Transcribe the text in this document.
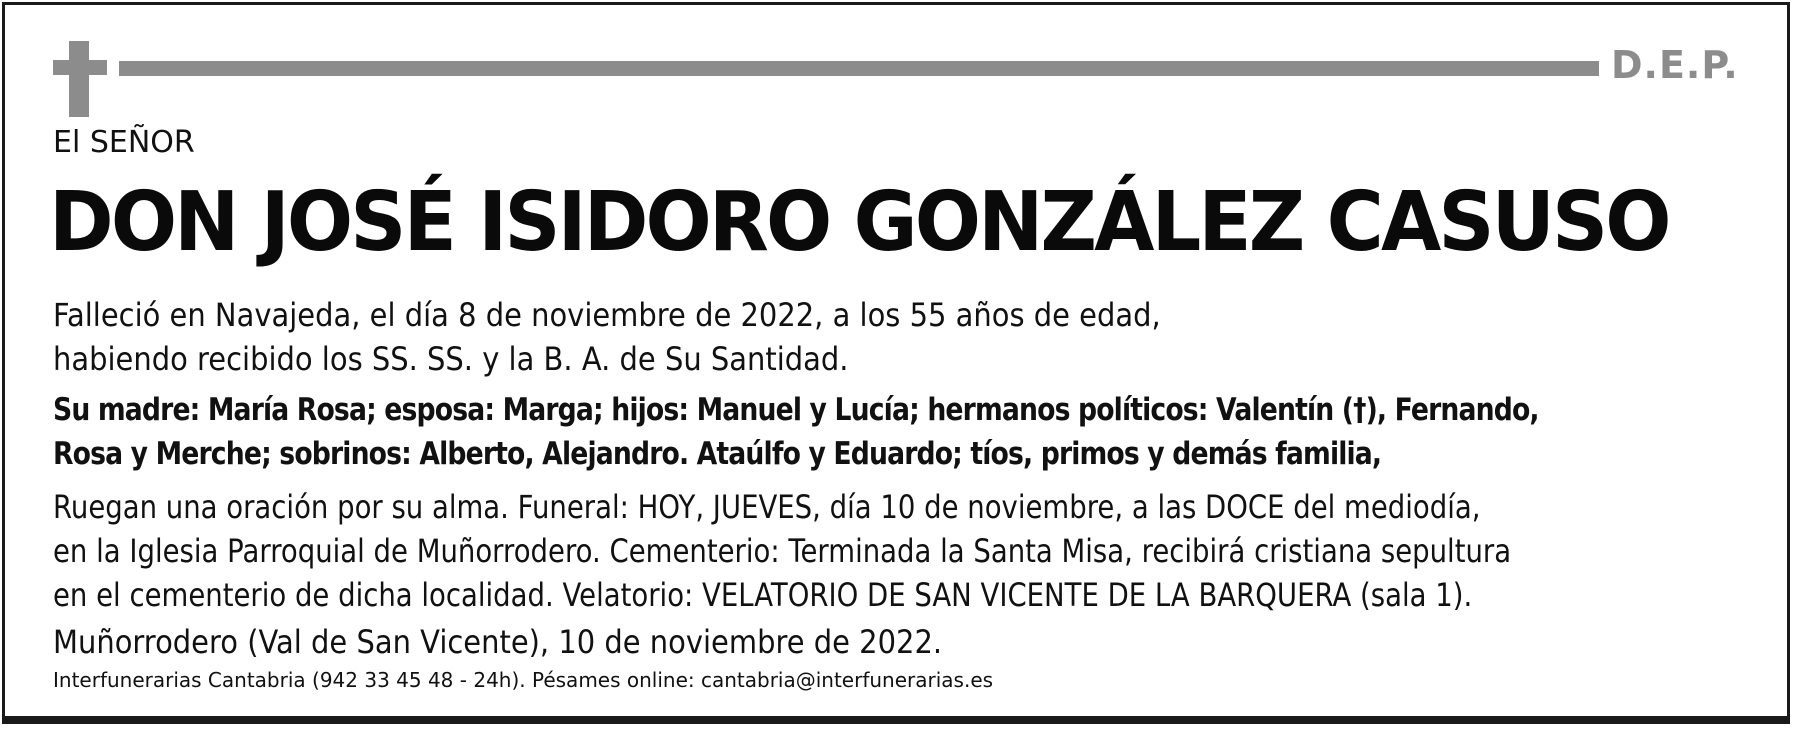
D.E.P.
El SEÑOR
DON JOSÉ ISIDORO GONZÁLEZ CASUSO

Falleció en Navajeda, el día 8 de noviembre de 2022, a los 55 años de edad,
habiendo recibido los SS. SS. y la B. A. de Su Santidad.

Su madre: María Rosa; esposa: Marga; hijos: Manuel y Lucía; hermanos políticos: Valentín (†), Fernando,
Rosa y Merche; sobrinos: Alberto, Alejandro. Ataúlfo y Eduardo; tíos, primos y demás familia,

Ruegan una oración por su alma. Funeral: HOY, JUEVES, día 10 de noviembre, a las DOCE del mediodía,
en la Iglesia Parroquial de Muñorrodero. Cementerio: Terminada la Santa Misa, recibirá cristiana sepultura
en el cementerio de dicha localidad. Velatorio: VELATORIO DE SAN VICENTE DE LA BARQUERA (sala 1).

Muñorrodero (Val de San Vicente), 10 de noviembre de 2022.

Interfunerarias Cantabria (942 33 45 48 - 24h). Pésames online: cantabria@interfunerarias.es
